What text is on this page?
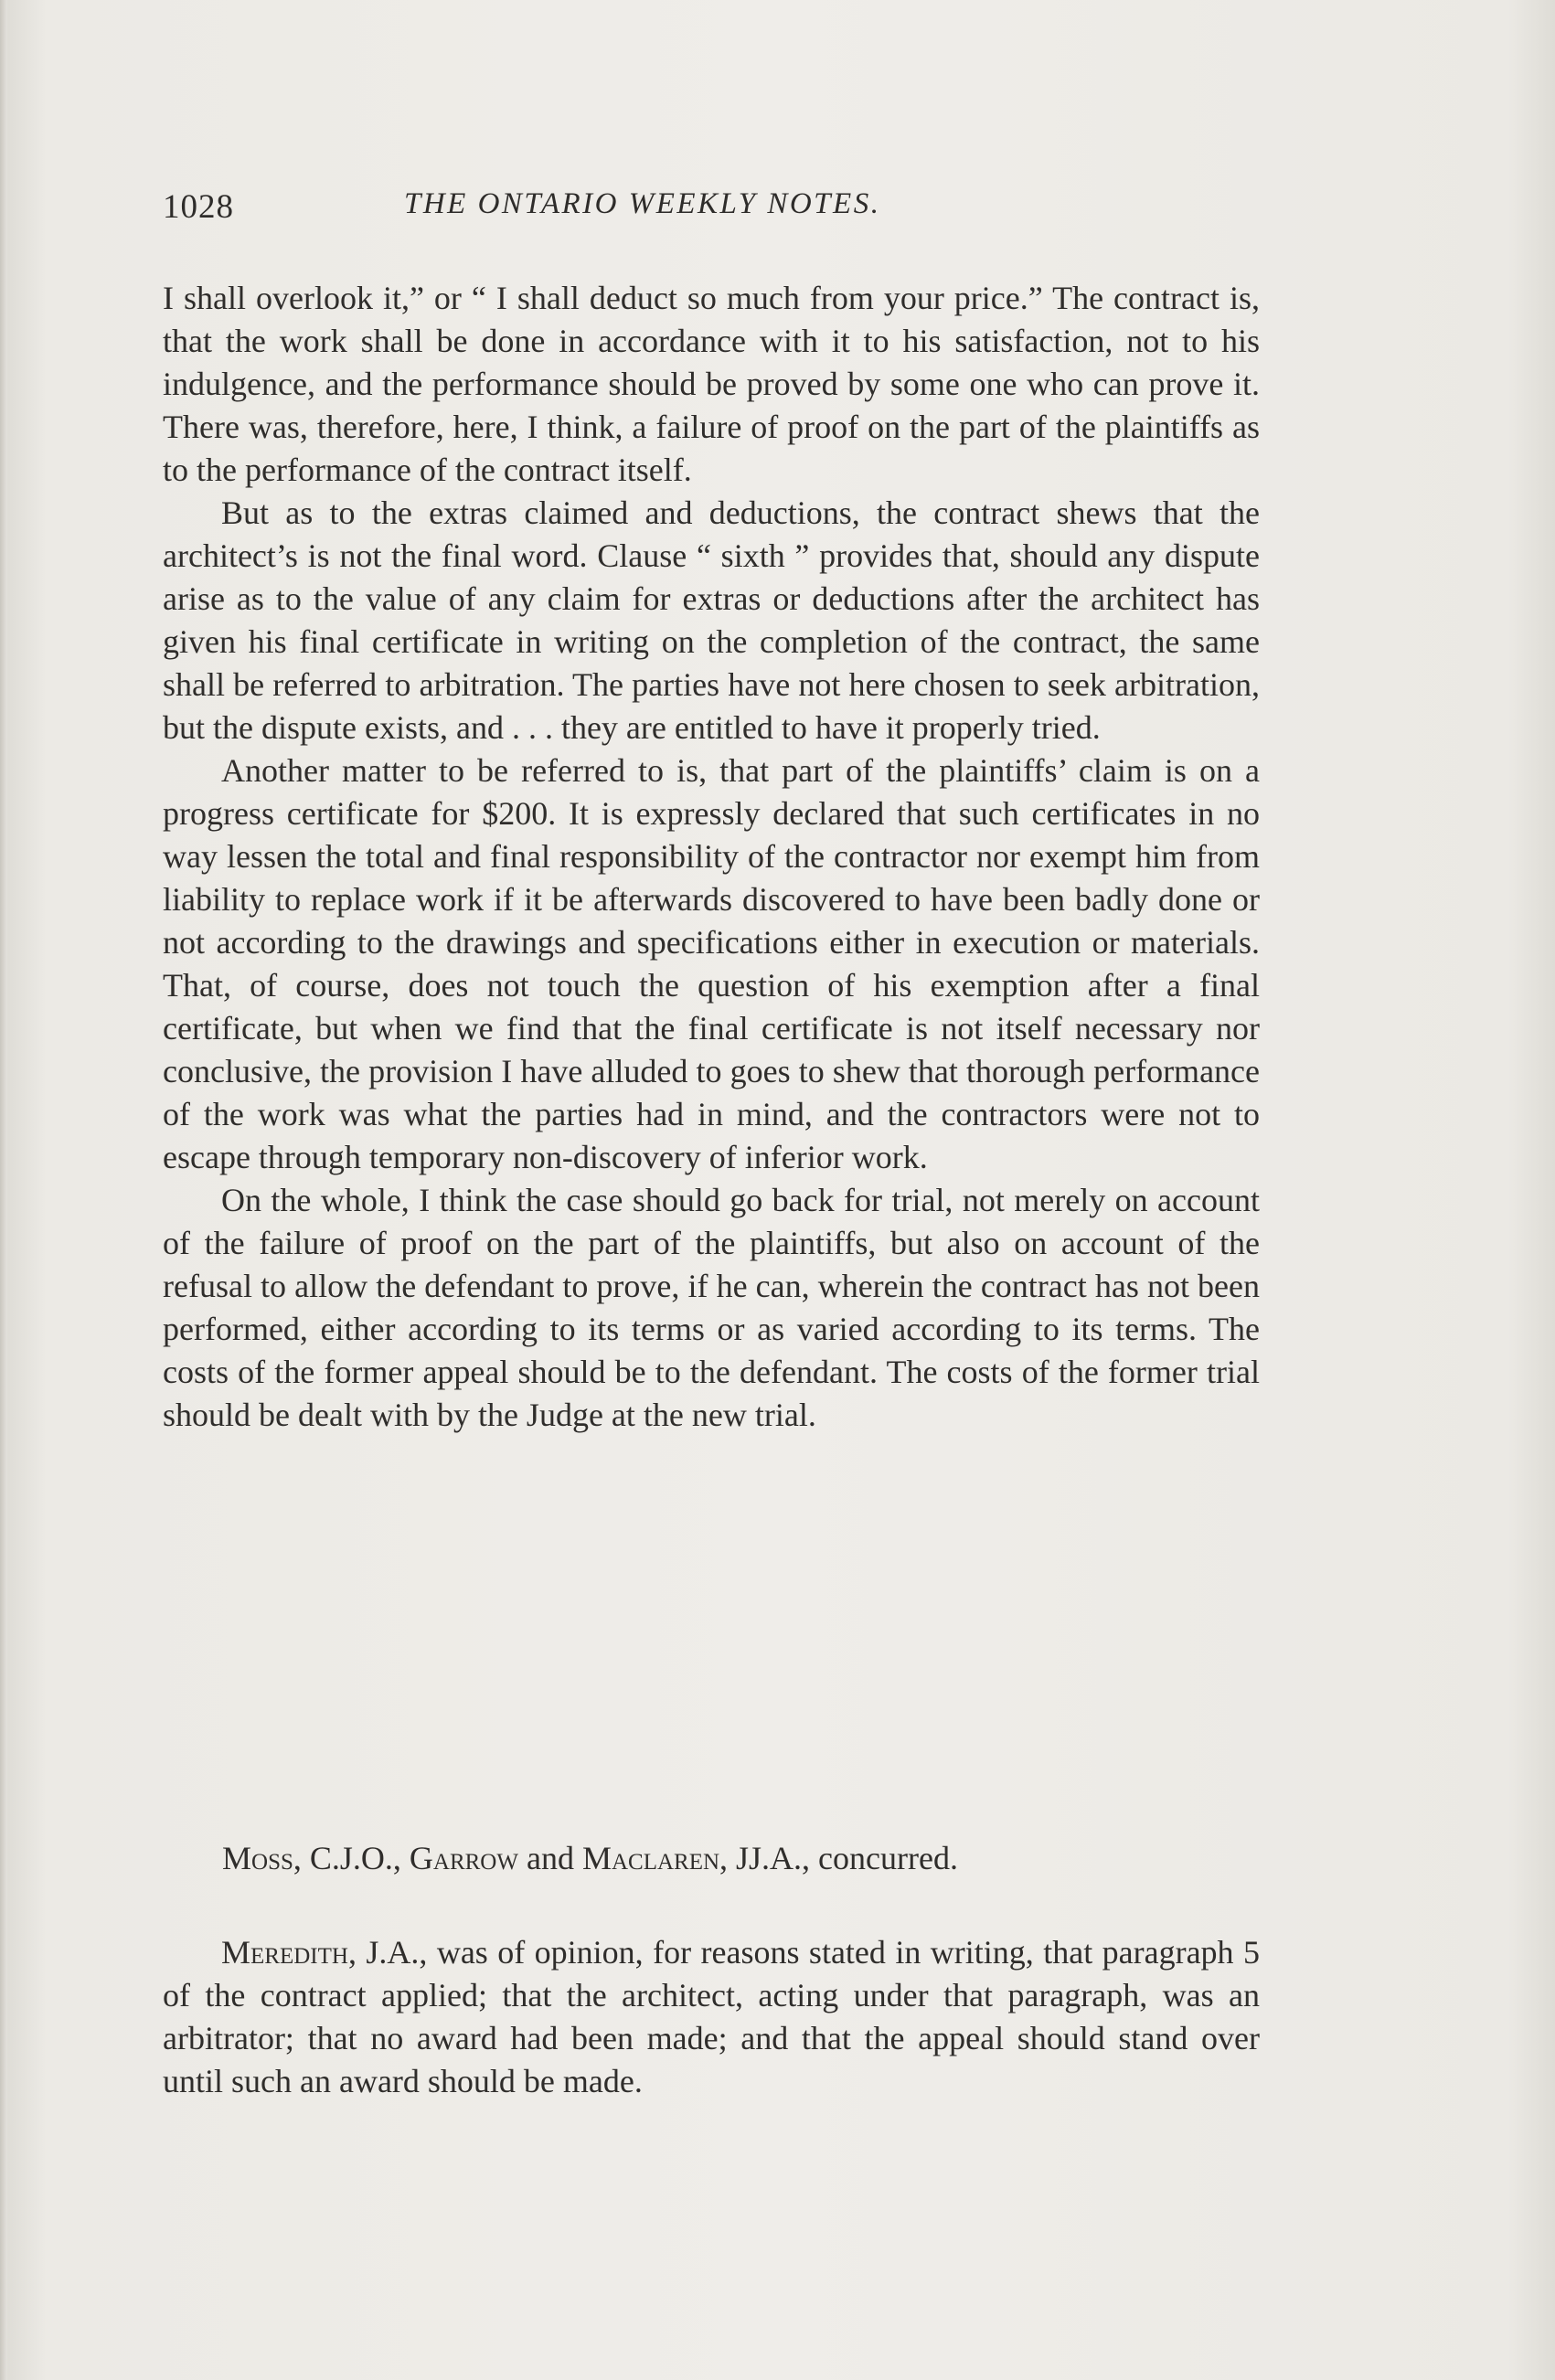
1028	THE ONTARIO WEEKLY NOTES.

I shall overlook it,” or “ I shall deduct so much from your price.” The contract is, that the work shall be done in accordance with it to his satisfaction, not to his indulgence, and the performance should be proved by some one who can prove it. There was, therefore, here, I think, a failure of proof on the part of the plaintiffs as to the performance of the contract itself.

But as to the extras claimed and deductions, the contract shews that the architect’s is not the final word. Clause “ sixth ” provides that, should any dispute arise as to the value of any claim for extras or deductions after the architect has given his final certificate in writing on the completion of the contract, the same shall be referred to arbitration. The parties have not here chosen to seek arbitration, but the dispute exists, and . . . they are entitled to have it properly tried.

Another matter to be referred to is, that part of the plaintiffs’ claim is on a progress certificate for $200. It is expressly declared that such certificates in no way lessen the total and final responsibility of the contractor nor exempt him from liability to replace work if it be afterwards discovered to have been badly done or not according to the drawings and specifications either in execution or materials. That, of course, does not touch the question of his exemption after a final certificate, but when we find that the final certificate is not itself necessary nor conclusive, the provision I have alluded to goes to shew that thorough performance of the work was what the parties had in mind, and the contractors were not to escape through temporary non-discovery of inferior work.

On the whole, I think the case should go back for trial, not merely on account of the failure of proof on the part of the plaintiffs, but also on account of the refusal to allow the defendant to prove, if he can, wherein the contract has not been performed, either according to its terms or as varied according to its terms. The costs of the former appeal should be to the defendant. The costs of the former trial should be dealt with by the Judge at the new trial.

Moss, C.J.O., Garrow and Maclaren, JJ.A., concurred.
Meredith, J.A., was of opinion, for reasons stated in writing, that paragraph 5 of the contract applied; that the architect, acting under that paragraph, was an arbitrator; that no award had been made; and that the appeal should stand over until such an award should be made.
